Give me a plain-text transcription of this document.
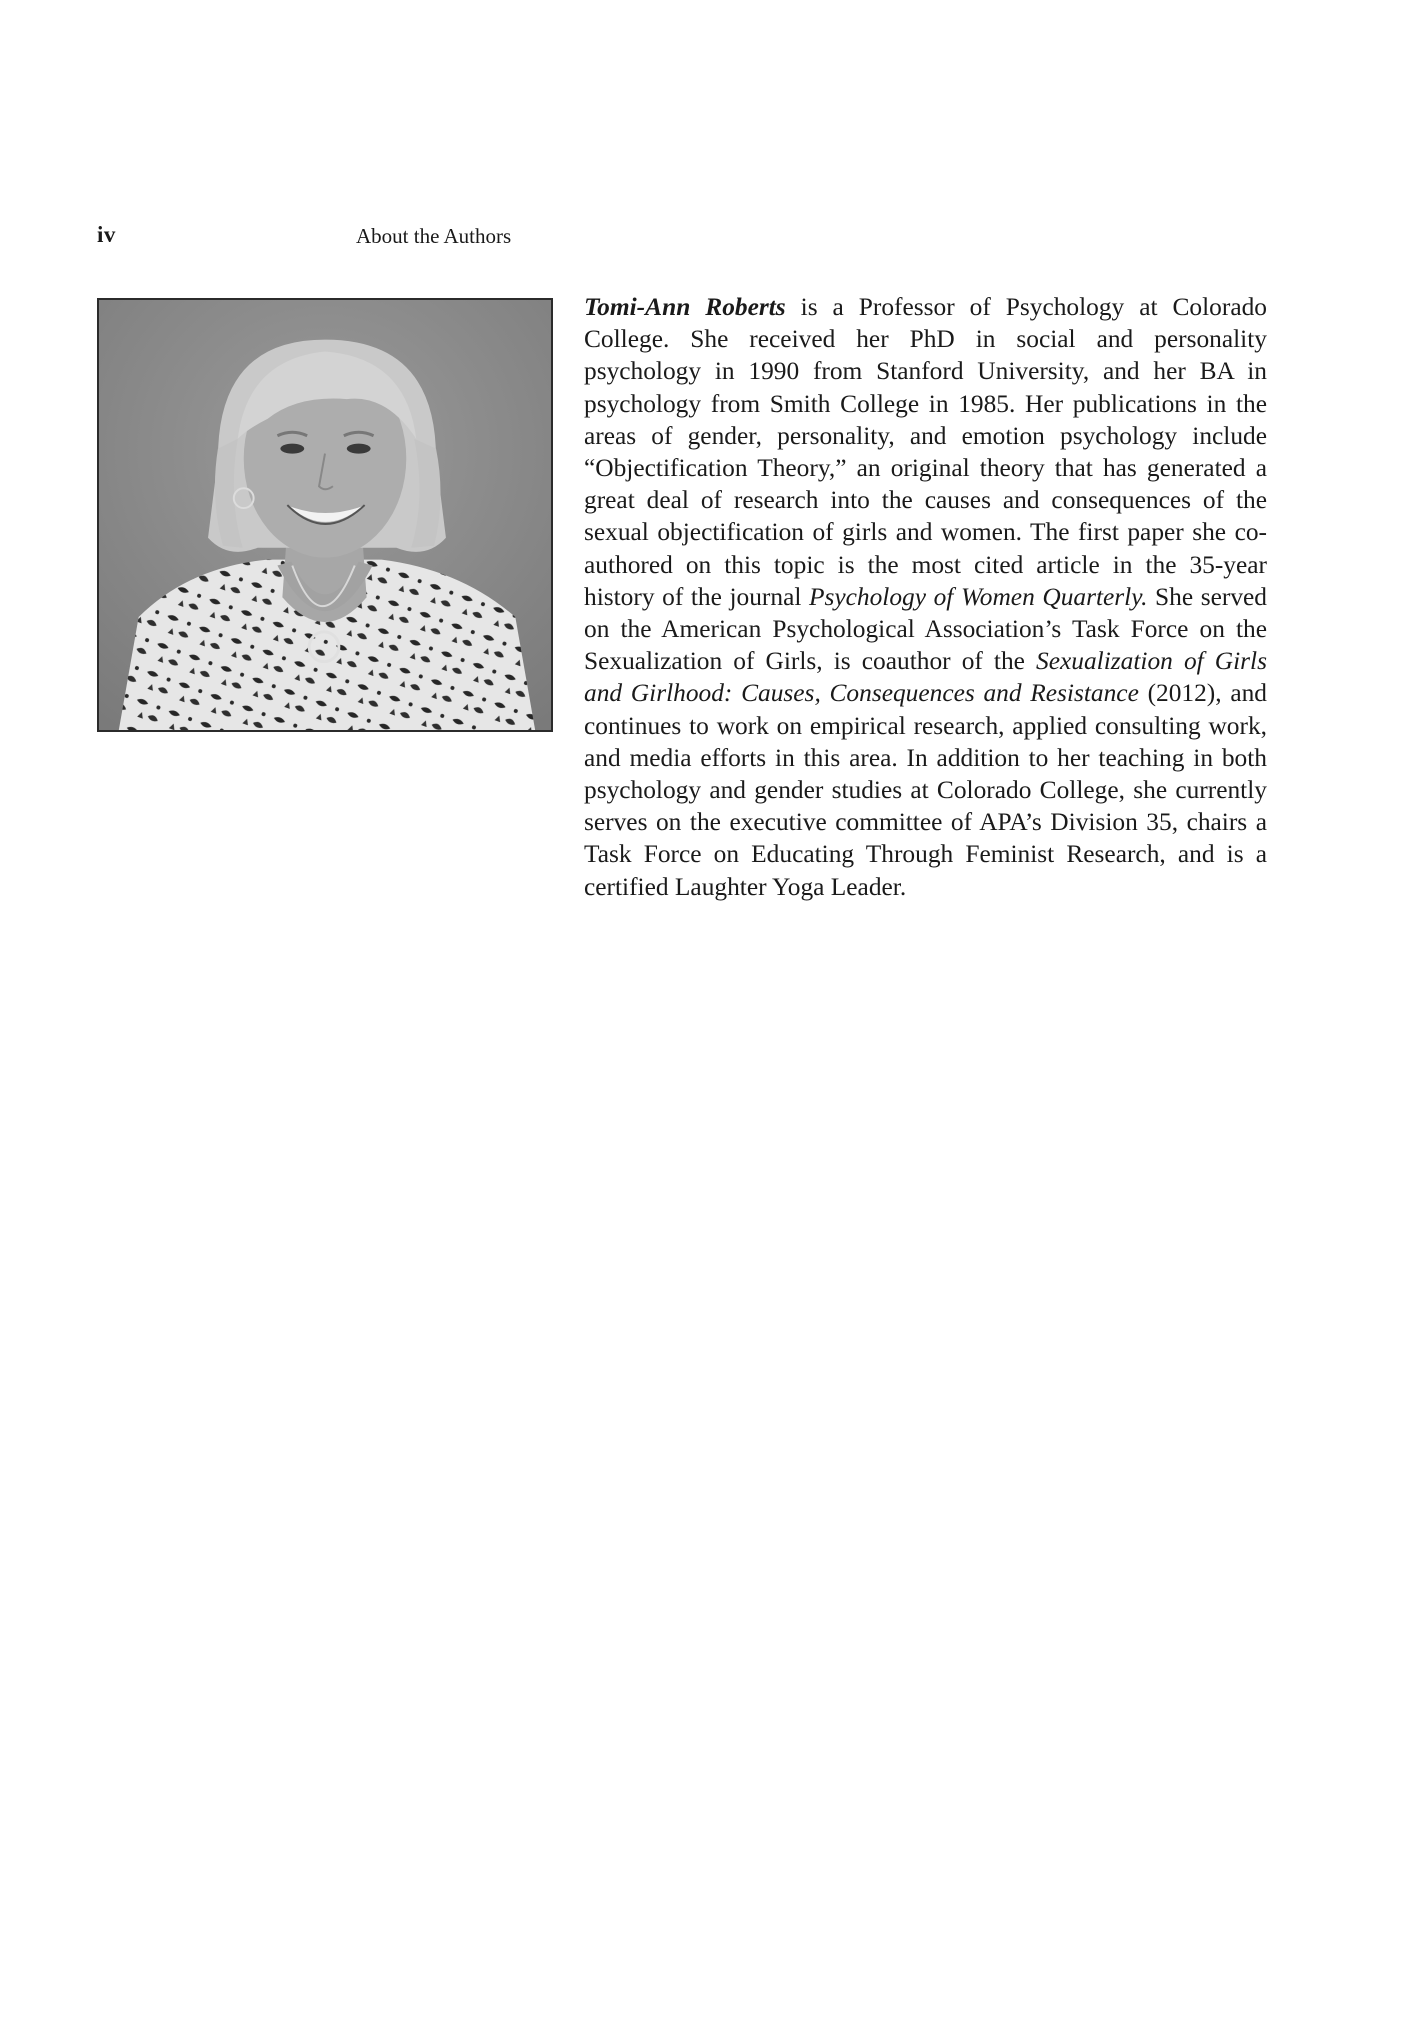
iv	About the Authors
Tomi-Ann Roberts is a Professor of Psychology at Colorado College. She received her PhD in social and personality psychology in 1990 from Stanford University, and her BA in psychology from Smith College in 1985. Her publications in the areas of gender, personality, and emotion psychology include “Objectification Theory,” an original theory that has generated a great deal of research into the causes and consequences of the sexual objectification of girls and women. The first paper she co-authored on this topic is the most cited article in the 35-year history of the journal Psychology of Women Quarterly. She served on the American Psychological Association’s Task Force on the Sexualization of Girls, is coauthor of the Sexualization of Girls and Girlhood: Causes, Consequences and Resistance (2012), and continues to work on empirical research, applied consulting work, and media efforts in this area. In addition to her teaching in both psychology and gender studies at Colorado College, she currently serves on the executive committee of APA’s Division 35, chairs a Task Force on Educating Through Feminist Research, and is a certified Laughter Yoga Leader.
